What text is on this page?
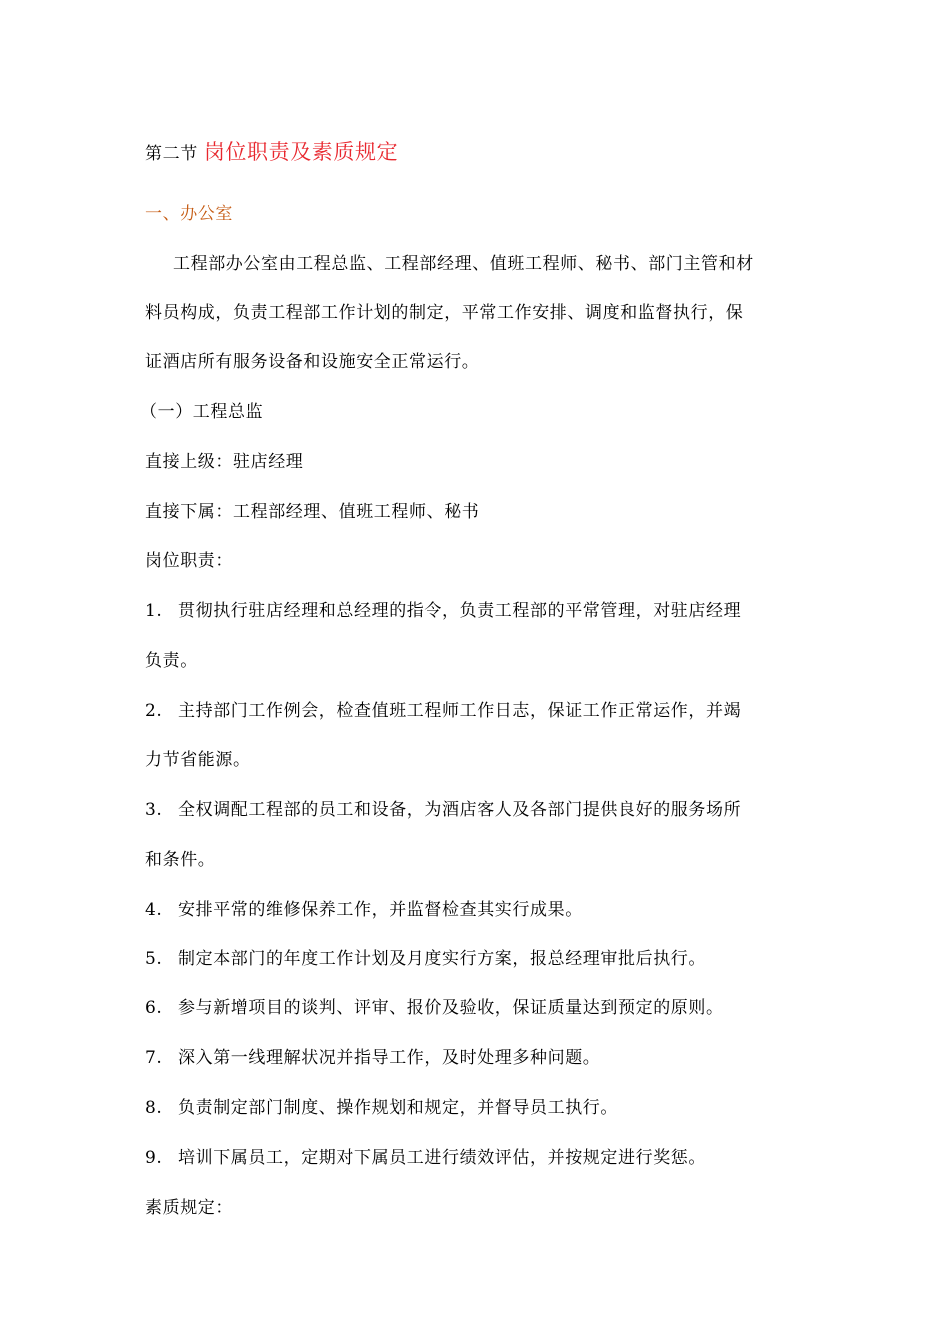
第二节 岗位职责及素质规定
一、办公室
工程部办公室由工程总监、工程部经理、值班工程师、秘书、部门主管和材
料员构成，负责工程部工作计划的制定，平常工作安排、调度和监督执行，保
证酒店所有服务设备和设施安全正常运行。
（一）工程总监
直接上级：驻店经理
直接下属：工程部经理、值班工程师、秘书
岗位职责：
1. 贯彻执行驻店经理和总经理的指令，负责工程部的平常管理，对驻店经理
负责。
2. 主持部门工作例会，检查值班工程师工作日志，保证工作正常运作，并竭
力节省能源。
3. 全权调配工程部的员工和设备，为酒店客人及各部门提供良好的服务场所
和条件。
4. 安排平常的维修保养工作，并监督检查其实行成果。
5. 制定本部门的年度工作计划及月度实行方案，报总经理审批后执行。
6. 参与新增项目的谈判、评审、报价及验收，保证质量达到预定的原则。
7. 深入第一线理解状况并指导工作，及时处理多种问题。
8. 负责制定部门制度、操作规划和规定，并督导员工执行。
9. 培训下属员工，定期对下属员工进行绩效评估，并按规定进行奖惩。
素质规定：
